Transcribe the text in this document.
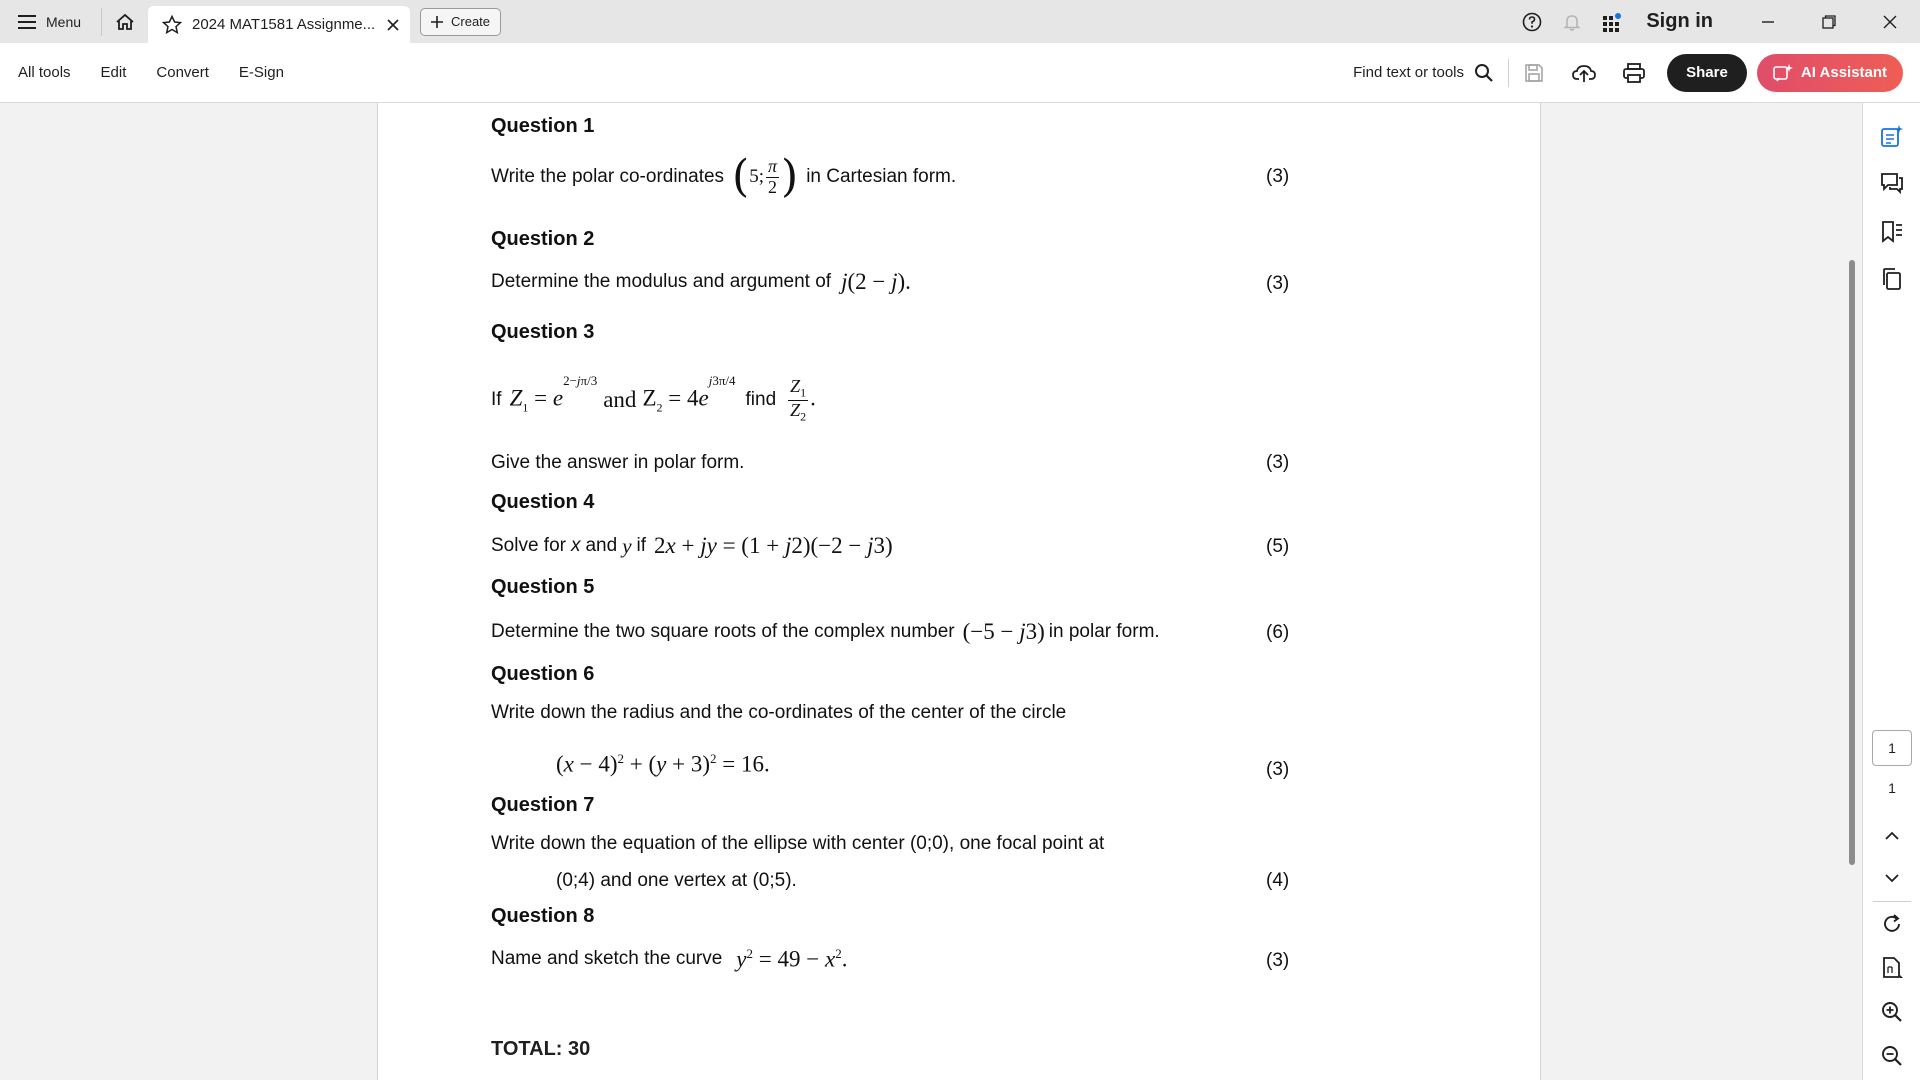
Menu	2024 MAT1581 Assignme...	Create	Sign in
All tools	Edit	Convert	E-Sign	Find text or tools	Share	AI Assistant
Question 1
Write the polar co-ordinates ( 5; $\frac{\pi}{2}$ ) in Cartesian form.	(3)
Question 2
Determine the modulus and argument of j(2 − j).	(3)
Question 3
If $Z_1 = e^{2-j\pi/3}$
and $Z_2 = 4e^{j3\pi/4}$
find $\frac{Z_1}{Z_2}$ .
Give the answer in polar form.	(3)
Question 4
Solve for x and y if 2x + jy = (1 + j2)(−2 − j3)	(5)
Question 5
Determine the two square roots of the complex number (−5 − j3) in polar form.	(6)
Question 6
Write down the radius and the co-ordinates of the center of the circle
$(x - 4)^2 + (y + 3)^2 = 16$.	(3)
Question 7
Write down the equation of the ellipse with center (0;0), one focal point at
(0;4) and one vertex at (0;5).	(4)
Question 8
Name and sketch the curve $y^2 = 49 - x^2$.	(3)
TOTAL: 30
1
1
